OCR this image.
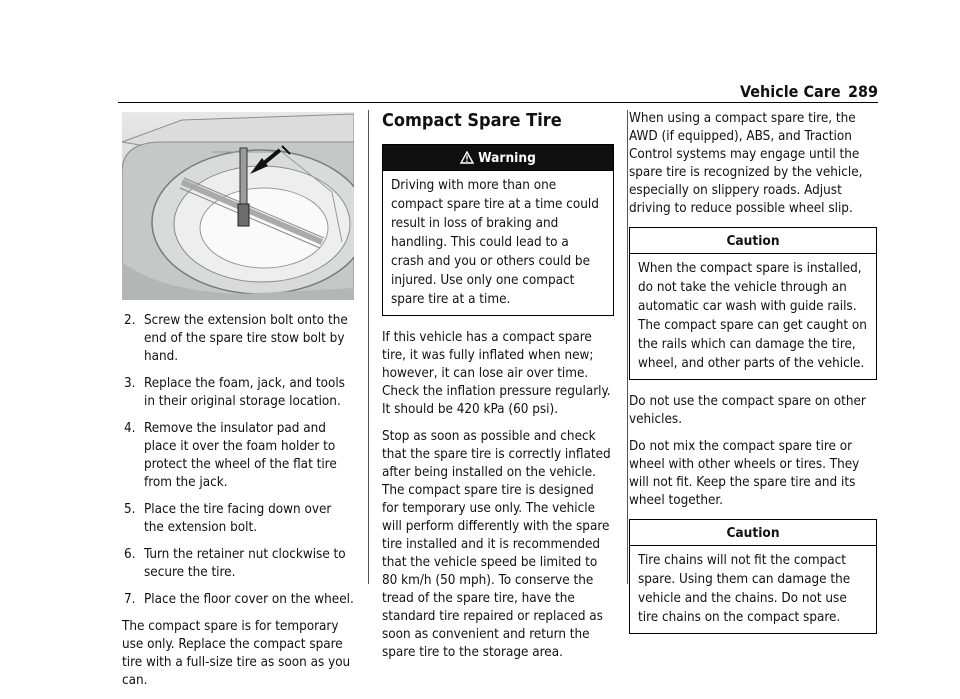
Vehicle Care 289
2. Screw the extension bolt onto the end of the spare tire stow bolt by hand.
3. Replace the foam, jack, and tools in their original storage location.
4. Remove the insulator pad and place it over the foam holder to protect the wheel of the flat tire from the jack.
5. Place the tire facing down over the extension bolt.
6. Turn the retainer nut clockwise to secure the tire.
7. Place the floor cover on the wheel.

The compact spare is for temporary use only. Replace the compact spare tire with a full-size tire as soon as you can.

Compact Spare Tire
Warning
Driving with more than one compact spare tire at a time could result in loss of braking and handling. This could lead to a crash and you or others could be injured. Use only one compact spare tire at a time.

If this vehicle has a compact spare tire, it was fully inflated when new; however, it can lose air over time. Check the inflation pressure regularly. It should be 420 kPa (60 psi).

Stop as soon as possible and check that the spare tire is correctly inflated after being installed on the vehicle. The compact spare tire is designed for temporary use only. The vehicle will perform differently with the spare tire installed and it is recommended that the vehicle speed be limited to 80 km/h (50 mph). To conserve the tread of the spare tire, have the standard tire repaired or replaced as soon as convenient and return the spare tire to the storage area.

When using a compact spare tire, the AWD (if equipped), ABS, and Traction Control systems may engage until the spare tire is recognized by the vehicle, especially on slippery roads. Adjust driving to reduce possible wheel slip.

Caution
When the compact spare is installed, do not take the vehicle through an automatic car wash with guide rails. The compact spare can get caught on the rails which can damage the tire, wheel, and other parts of the vehicle.

Do not use the compact spare on other vehicles.

Do not mix the compact spare tire or wheel with other wheels or tires. They will not fit. Keep the spare tire and its wheel together.

Caution
Tire chains will not fit the compact spare. Using them can damage the vehicle and the chains. Do not use tire chains on the compact spare.
